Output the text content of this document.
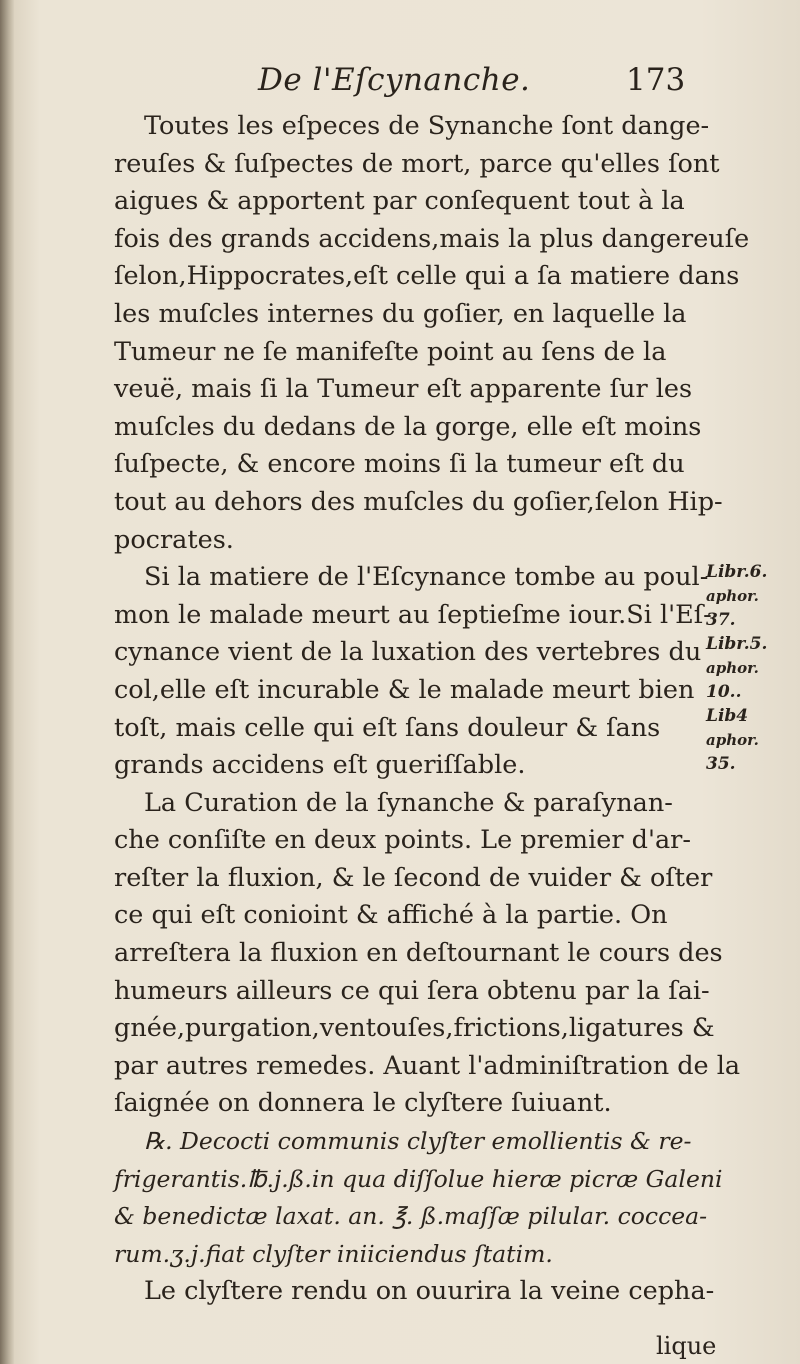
De l'Eſcynanche.	173
Toutes les eſpeces de Synanche ſont dange-
reuſes & ſuſpectes de mort, parce qu'elles ſont
aigues & apportent par conſequent tout à la
fois des grands accidens,mais la plus dangereuſe
ſelon,Hippocrates,eſt celle qui a ſa matiere dans
les muſcles internes du goſier, en laquelle la
Tumeur ne ſe manifeſte point au ſens de la
veuë, mais ſi la Tumeur eſt apparente ſur les
muſcles du dedans de la gorge, elle eſt moins
ſuſpecte, & encore moins ſi la tumeur eſt du
tout au dehors des muſcles du goſier,ſelon Hip-
pocrates.
Si la matiere de l'Eſcynance tombe au poul-
mon le malade meurt au ſeptieſme iour.Si l'Eſ-
cynance vient de la luxation des vertebres du
col,elle eſt incurable & le malade meurt bien
toſt, mais celle qui eſt ſans douleur & ſans
grands accidens eſt gueriſſable.
La Curation de la ſynanche & paraſynan-
che conſiſte en deux points. Le premier d'ar-
reſter la fluxion, & le ſecond de vuider & oſter
ce qui eſt conioint & affiché à la partie. On
arreſtera la fluxion en deſtournant le cours des
humeurs ailleurs ce qui ſera obtenu par la ſai-
gnée,purgation,ventouſes,frictions,ligatures &
par autres remedes. Auant l'adminiſtration de la
ſaignée on donnera le clyſtere ſuiuant.
℞. Decocti communis clyſter emollientis & re-
frigerantis.℔.j.ß.in qua diſſolue hieræ picræ Galeni
& benedictæ laxat. an. ℥. ß.maſſæ pilular. coccea-
rum.ʒ.j.fiat clyſter iniiciendus ſtatim.
Le clyſtere rendu on ouurira la veine cepha-
Libr.6.
aphor.
37.
Libr.5.
aphor.
10..
Lib4
aphor.
35.
lique
